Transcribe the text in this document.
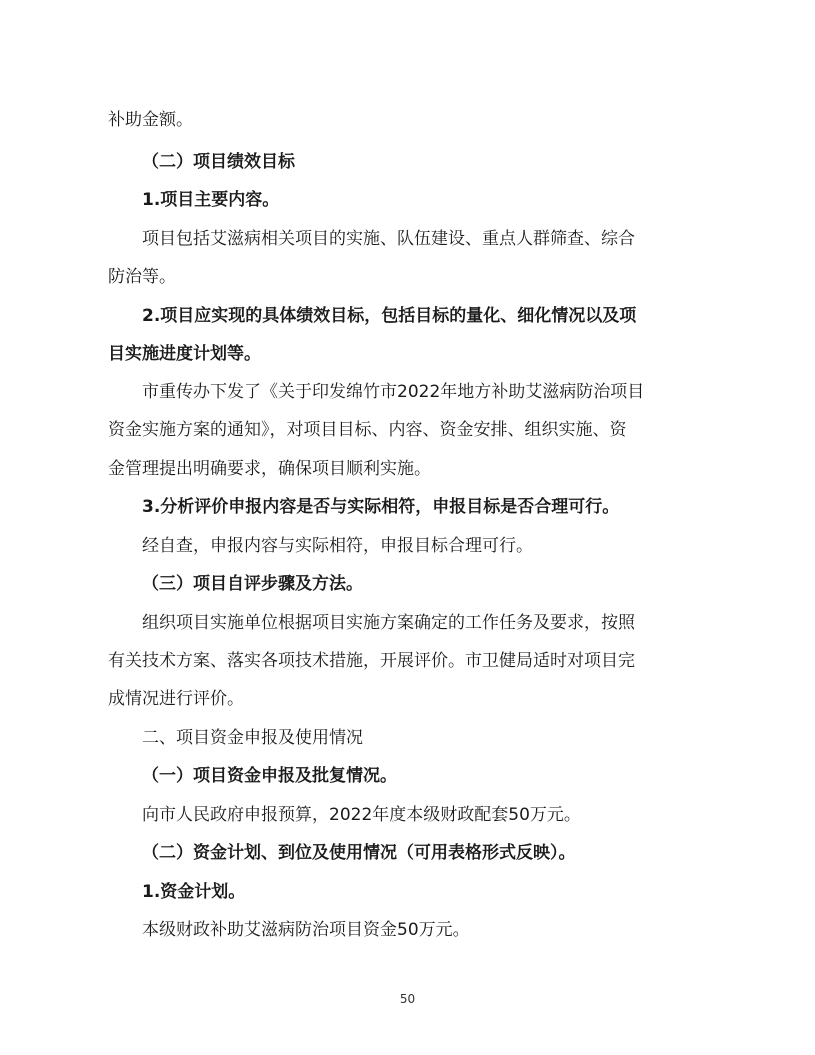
补助金额。
（二）项目绩效目标
1.项目主要内容。
项目包括艾滋病相关项目的实施、队伍建设、重点人群筛查、综合
防治等。
2.项目应实现的具体绩效目标，包括目标的量化、细化情况以及项
目实施进度计划等。
市重传办下发了《关于印发绵竹市2022年地方补助艾滋病防治项目
资金实施方案的通知》，对项目目标、内容、资金安排、组织实施、资
金管理提出明确要求，确保项目顺利实施。
3.分析评价申报内容是否与实际相符，申报目标是否合理可行。
经自查，申报内容与实际相符，申报目标合理可行。
（三）项目自评步骤及方法。
组织项目实施单位根据项目实施方案确定的工作任务及要求，按照
有关技术方案、落实各项技术措施，开展评价。市卫健局适时对项目完
成情况进行评价。
二、项目资金申报及使用情况
（一）项目资金申报及批复情况。
向市人民政府申报预算，2022年度本级财政配套50万元。
（二）资金计划、到位及使用情况（可用表格形式反映）。
1.资金计划。
本级财政补助艾滋病防治项目资金50万元。
50
